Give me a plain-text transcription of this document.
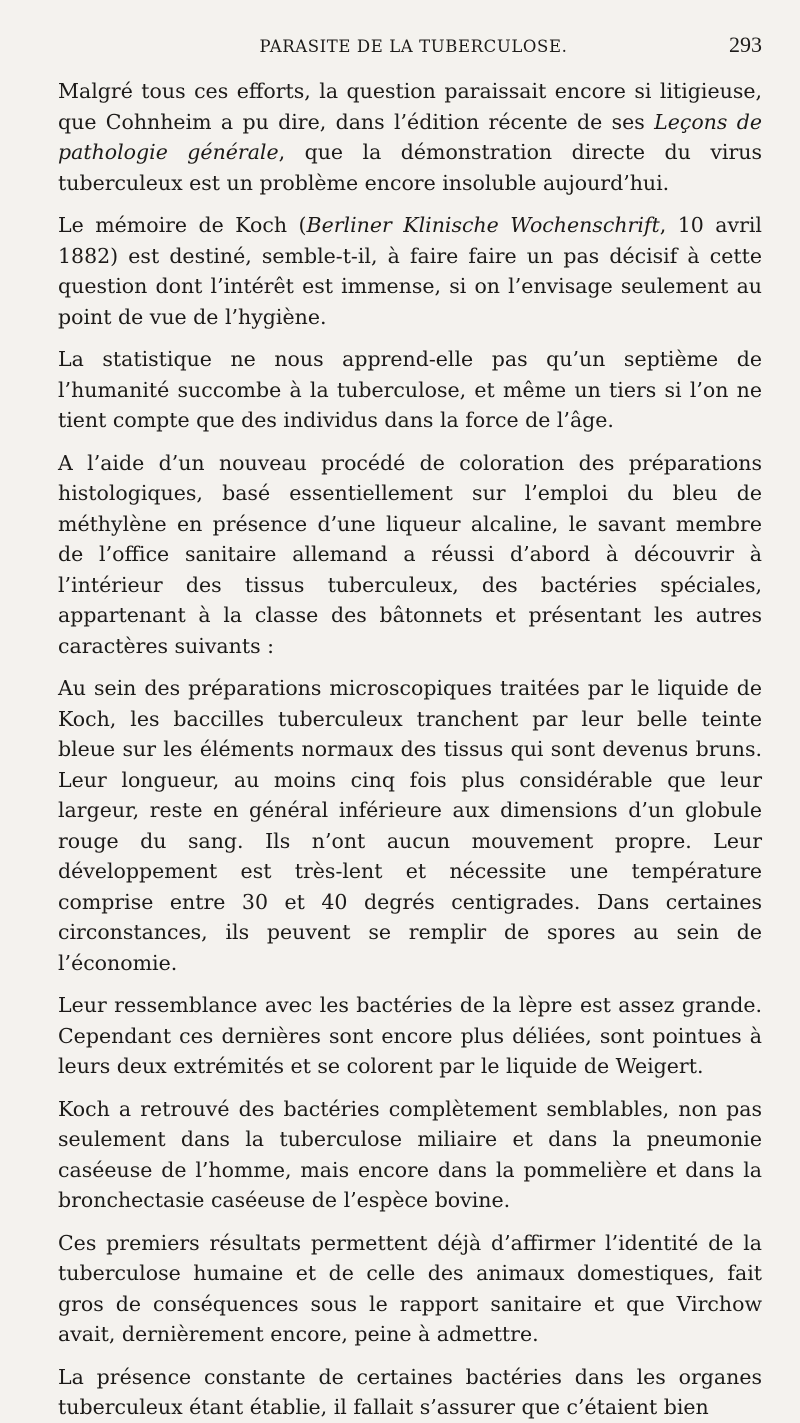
PARASITE DE LA TUBERCULOSE.	293

Malgré tous ces efforts, la question paraissait encore si litigieuse, que Cohnheim a pu dire, dans l’édition récente de ses Leçons de pathologie générale, que la démonstration directe du virus tuberculeux est un problème encore insoluble aujourd’hui.

Le mémoire de Koch (Berliner Klinische Wochenschrift, 10 avril 1882) est destiné, semble-t-il, à faire faire un pas décisif à cette question dont l’intérêt est immense, si on l’envisage seulement au point de vue de l’hygiène.

La statistique ne nous apprend-elle pas qu’un septième de l’humanité succombe à la tuberculose, et même un tiers si l’on ne tient compte que des individus dans la force de l’âge.

A l’aide d’un nouveau procédé de coloration des préparations histologiques, basé essentiellement sur l’emploi du bleu de méthylène en présence d’une liqueur alcaline, le savant membre de l’office sanitaire allemand a réussi d’abord à découvrir à l’intérieur des tissus tuberculeux, des bactéries spéciales, appartenant à la classe des bâtonnets et présentant les autres caractères suivants :

Au sein des préparations microscopiques traitées par le liquide de Koch, les baccilles tuberculeux tranchent par leur belle teinte bleue sur les éléments normaux des tissus qui sont devenus bruns. Leur longueur, au moins cinq fois plus considérable que leur largeur, reste en général inférieure aux dimensions d’un globule rouge du sang. Ils n’ont aucun mouvement propre. Leur développement est très-lent et nécessite une température comprise entre 30 et 40 degrés centigrades. Dans certaines circonstances, ils peuvent se remplir de spores au sein de l’économie.

Leur ressemblance avec les bactéries de la lèpre est assez grande. Cependant ces dernières sont encore plus déliées, sont pointues à leurs deux extrémités et se colorent par le liquide de Weigert.

Koch a retrouvé des bactéries complètement semblables, non pas seulement dans la tuberculose miliaire et dans la pneumonie caséeuse de l’homme, mais encore dans la pommelière et dans la bronchectasie caséeuse de l’espèce bovine.

Ces premiers résultats permettent déjà d’affirmer l’identité de la tuberculose humaine et de celle des animaux domestiques, fait gros de conséquences sous le rapport sanitaire et que Virchow avait, dernièrement encore, peine à admettre.

La présence constante de certaines bactéries dans les organes tuberculeux étant établie, il fallait s’assurer que c’étaient bien
